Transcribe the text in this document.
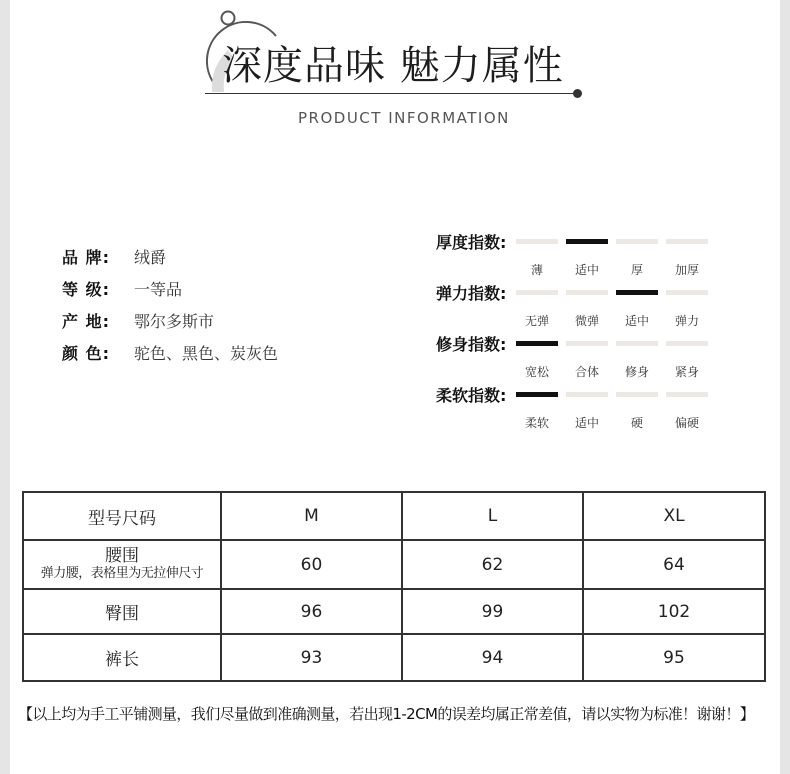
深度品味 魅力属性
PRODUCT INFORMATION
品 牌:	绒爵
等 级:	一等品
产 地:	鄂尔多斯市
颜 色:	驼色、黑色、炭灰色
厚度指数:
薄	适中	厚	加厚
弹力指数:
无弹	微弹	适中	弹力
修身指数:
宽松	合体	修身	紧身
柔软指数:
柔软	适中	硬	偏硬
型号尺码	M	L	XL

腰围
弹力腰，表格里为无拉伸尺寸	60	62	64
臀围	96	99	102
裤长	93	94	95
【以上均为手工平铺测量，我们尽量做到准确测量，若出现1-2CM的误差均属正常差值，请以实物为标准！谢谢！】
